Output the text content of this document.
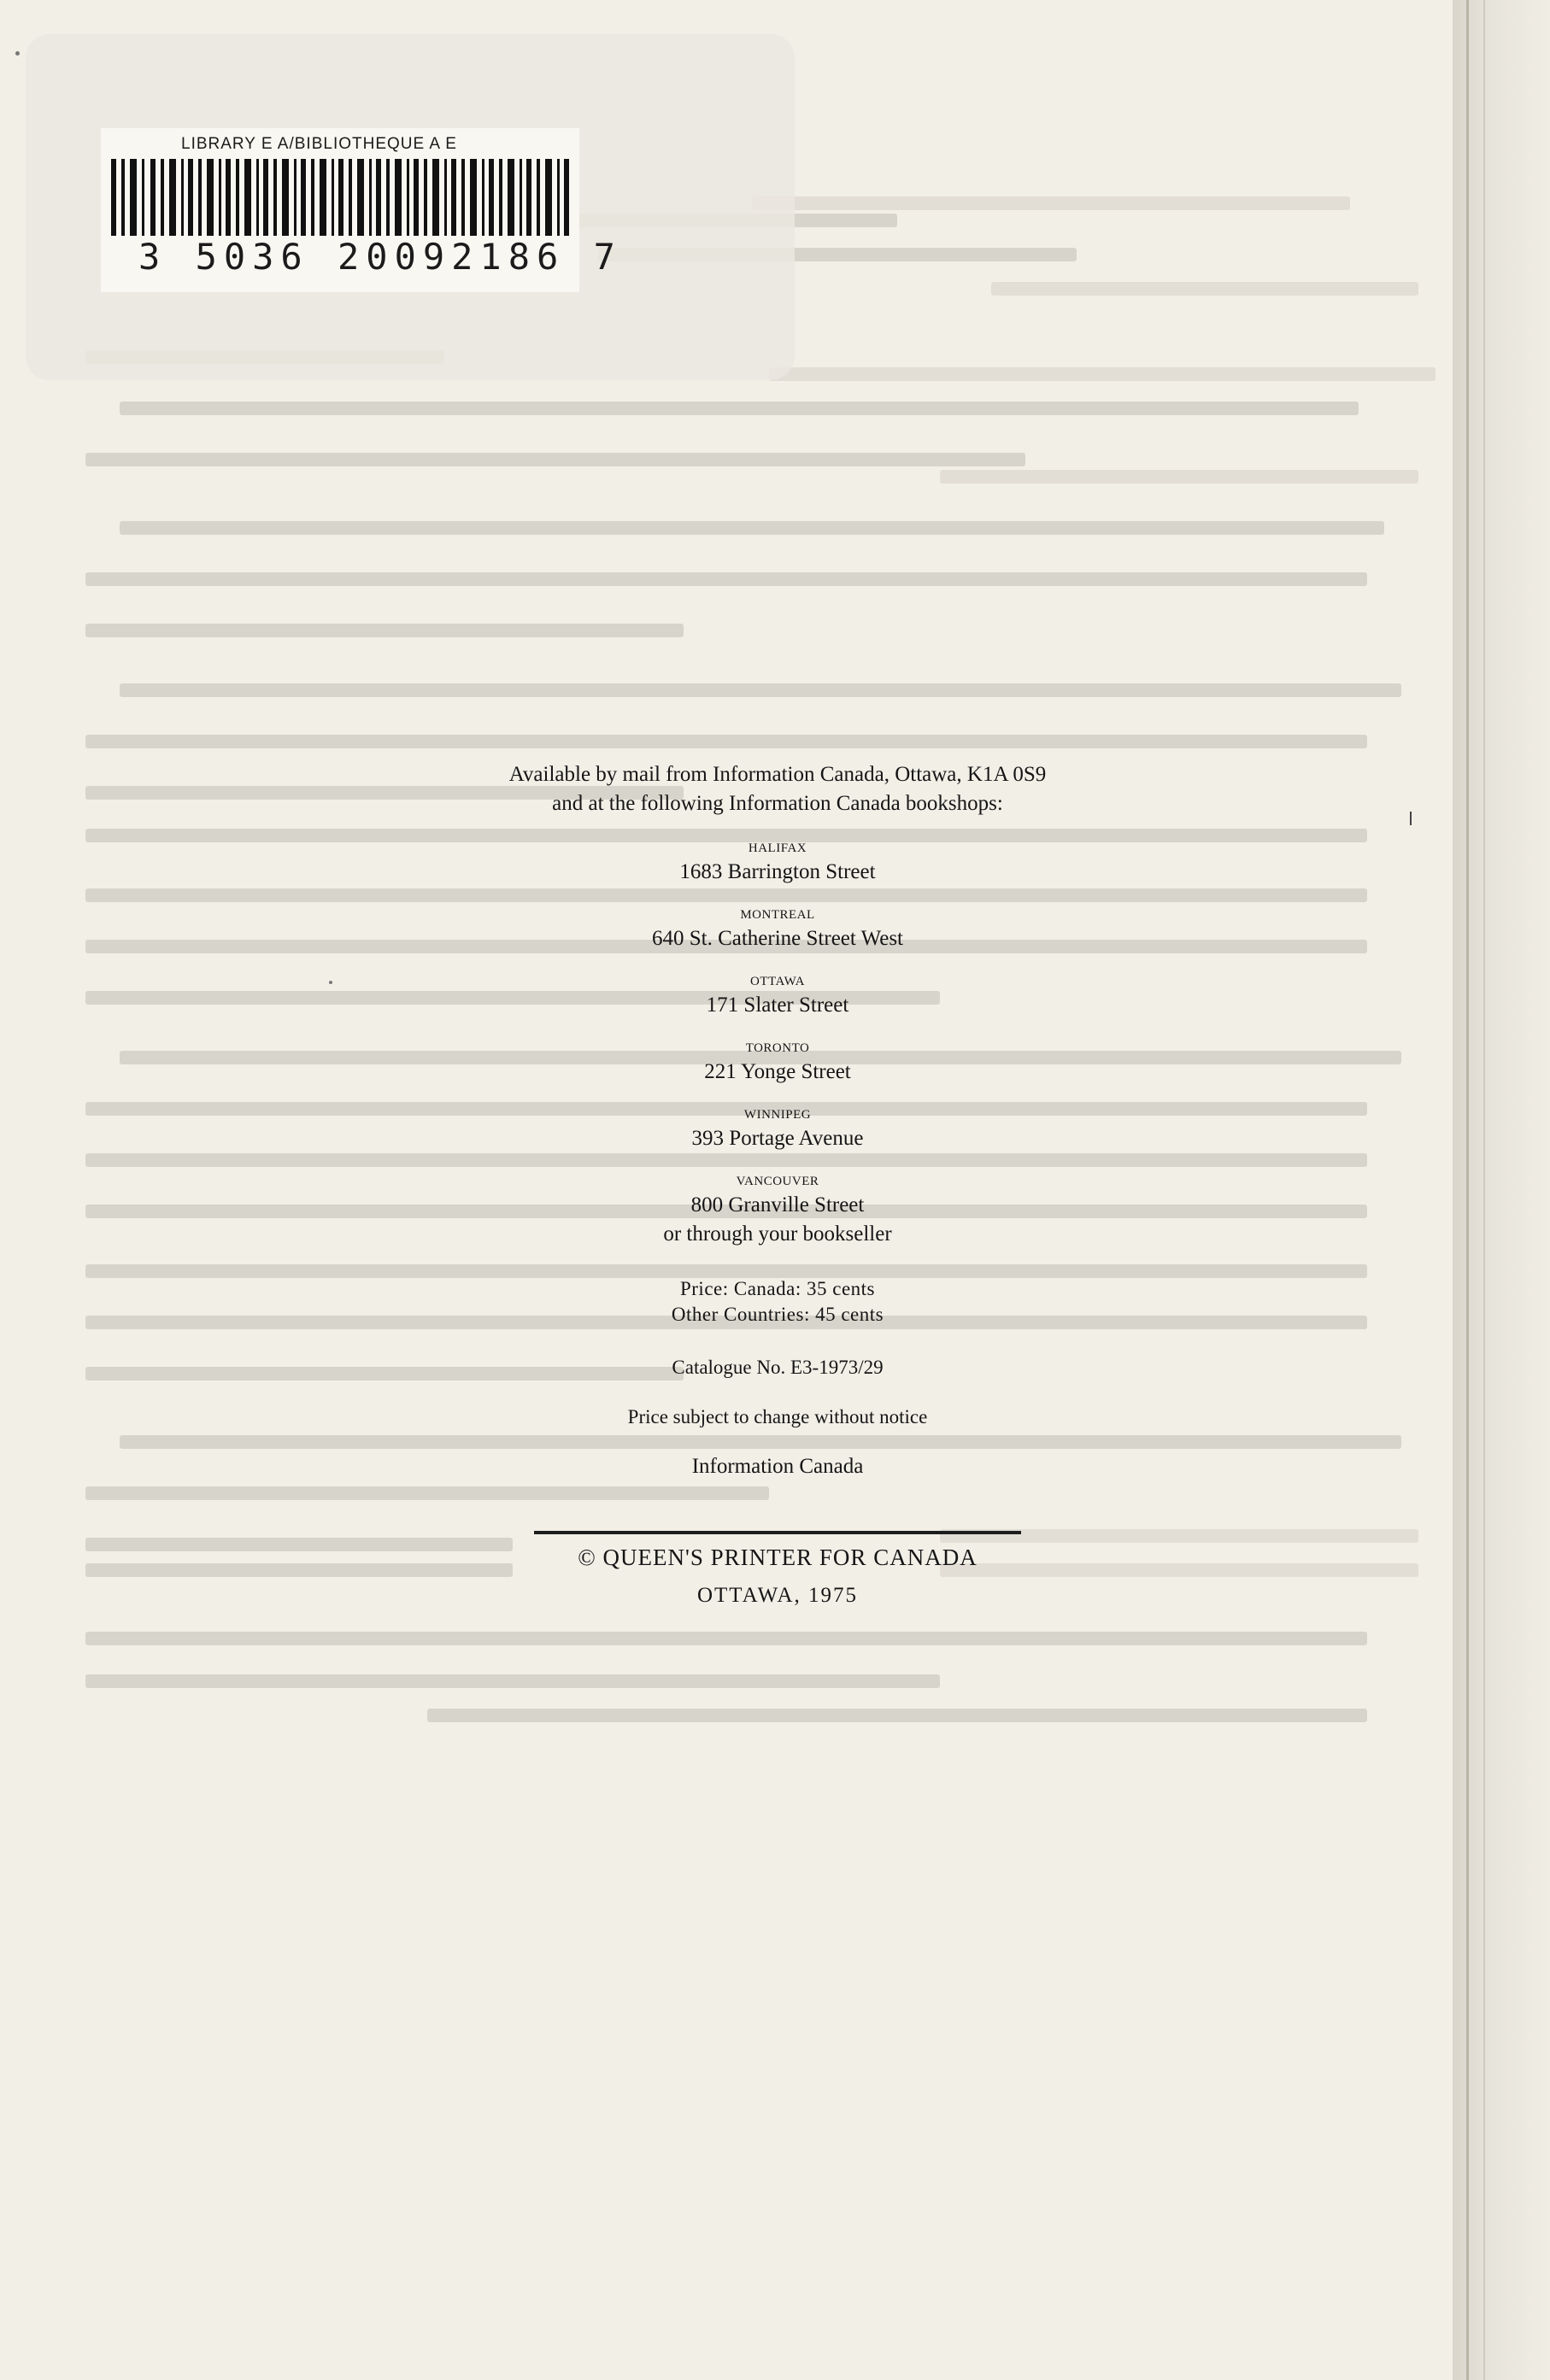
LIBRARY E A/BIBLIOTHEQUE A E
3 5036 20092186 7

Available by mail from Information Canada, Ottawa, K1A 0S9

and at the following Information Canada bookshops:

HALIFAX

1683 Barrington Street

MONTREAL

640 St. Catherine Street West

OTTAWA

171 Slater Street

TORONTO

221 Yonge Street

WINNIPEG

393 Portage Avenue

VANCOUVER

800 Granville Street

or through your bookseller

Price: Canada: 35 cents

Other Countries: 45 cents

Catalogue No. E3-1973/29

Price subject to change without notice

Information Canada

© QUEEN'S PRINTER FOR CANADA

OTTAWA, 1975
